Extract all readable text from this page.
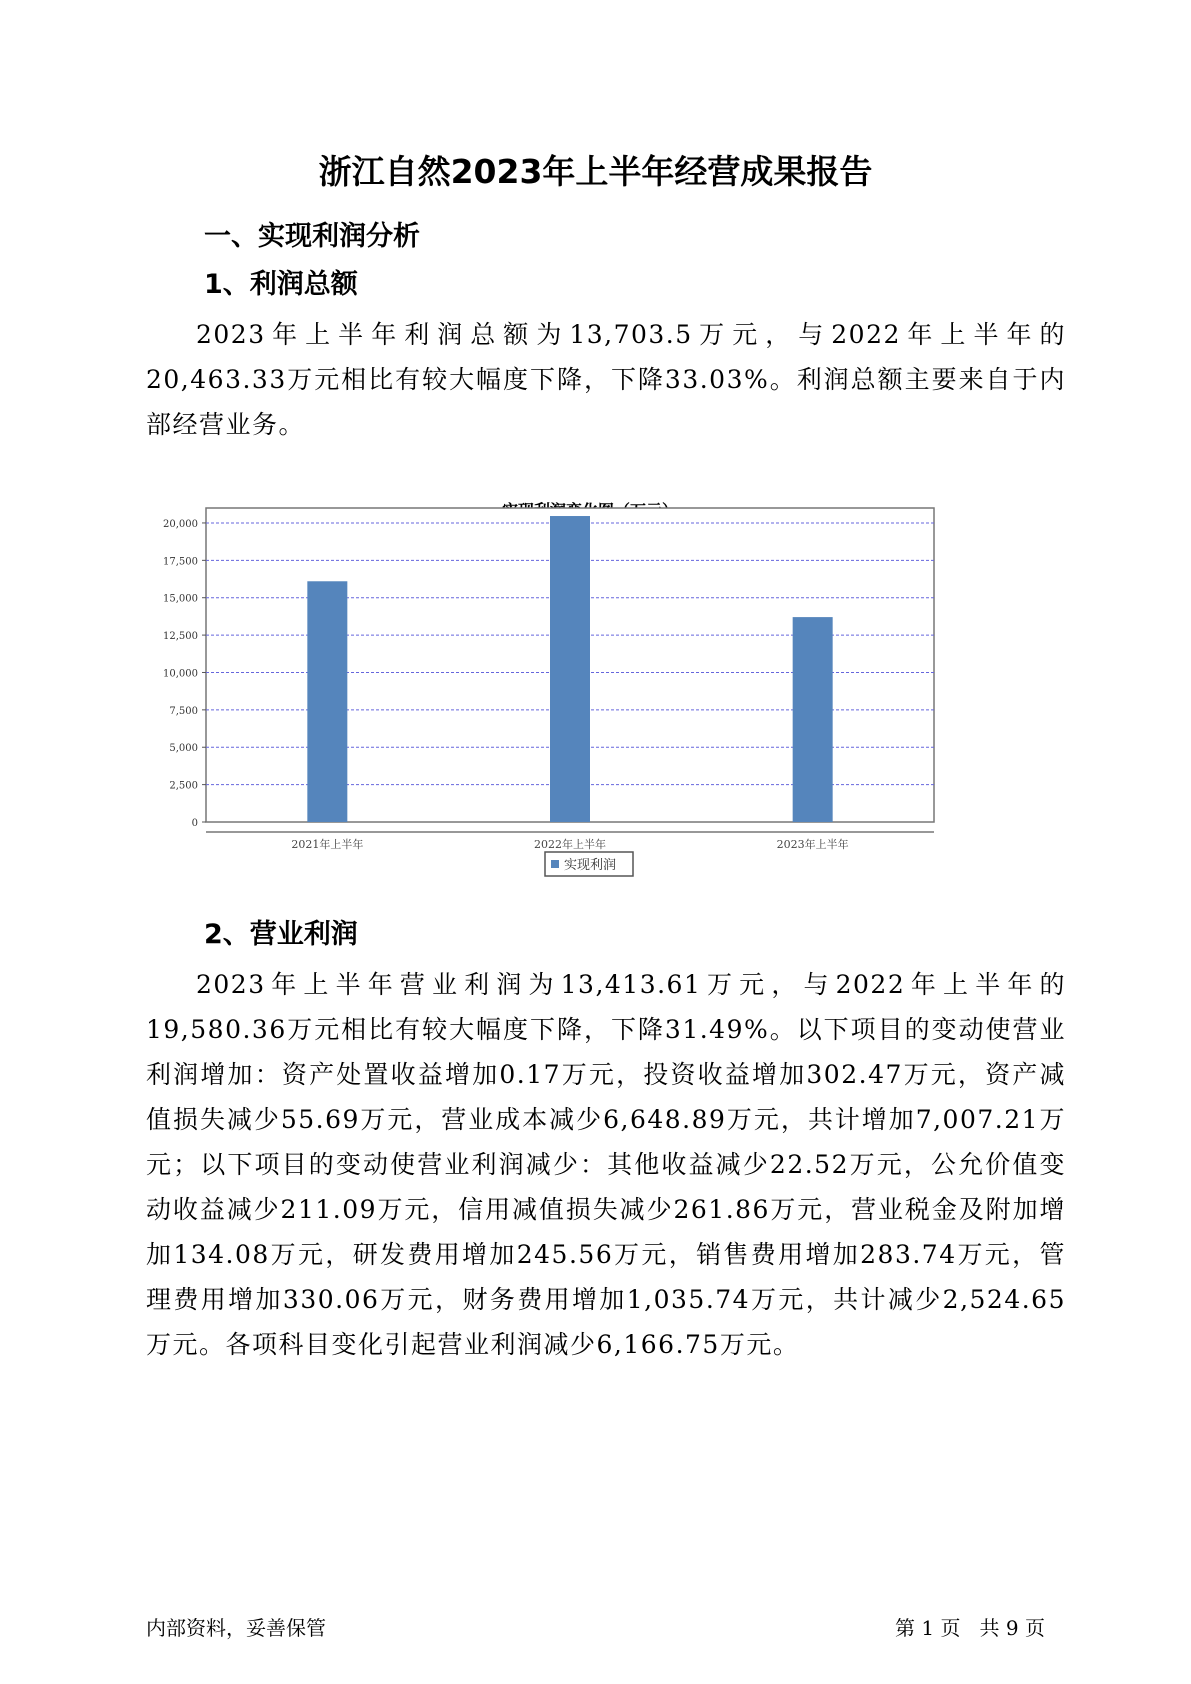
浙江自然2023年上半年经营成果报告
一、实现利润分析
1、利润总额

2023年上半年利润总额为13,703.5万元，与2022年上半年的20,463.33万元相比有较大幅度下降，下降33.03%。利润总额主要来自于内部经营业务。

0
2,500
5,000
7,500
10,000
12,500
15,000
17,500
20,000
2021年上半年	2022年上半年	2023年上半年
实现利润
2、营业利润

2023年上半年营业利润为13,413.61万元，与2022年上半年的19,580.36万元相比有较大幅度下降，下降31.49%。以下项目的变动使营业利润增加：资产处置收益增加0.17万元，投资收益增加302.47万元，资产减值损失减少55.69万元，营业成本减少6,648.89万元，共计增加7,007.21万元；以下项目的变动使营业利润减少：其他收益减少22.52万元，公允价值变动收益减少211.09万元，信用减值损失减少261.86万元，营业税金及附加增加134.08万元，研发费用增加245.56万元，销售费用增加283.74万元，管理费用增加330.06万元，财务费用增加1,035.74万元，共计减少2,524.65万元。各项科目变化引起营业利润减少6,166.75万元。

内部资料，妥善保管	第 1 页   共 9 页
